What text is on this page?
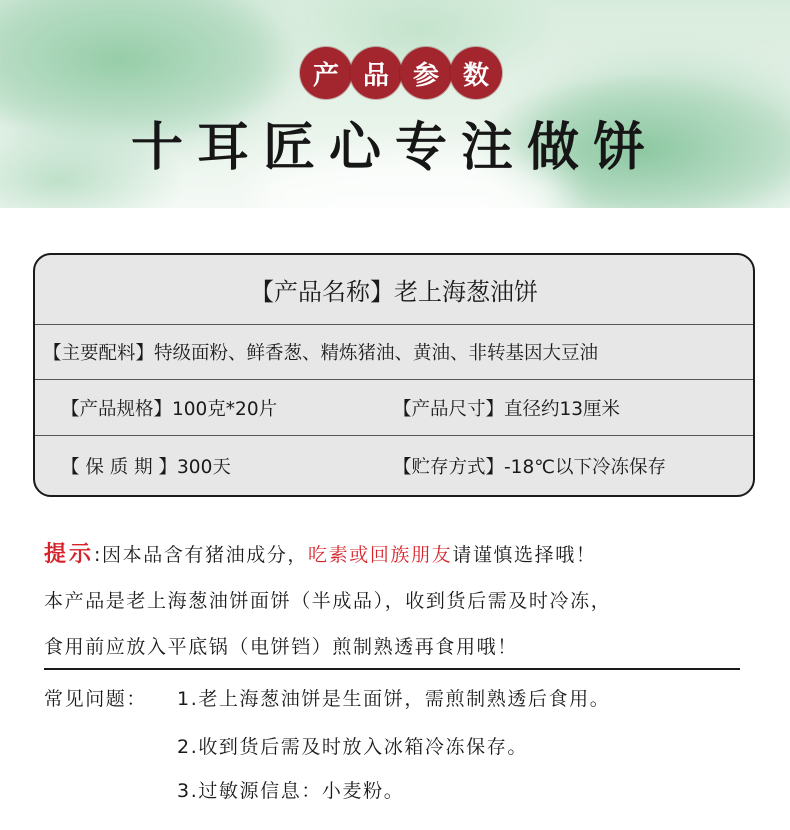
产 品 参 数
十耳匠心专注做饼
【产品名称】老上海葱油饼
【主要配料】特级面粉、鲜香葱、精炼猪油、黄油、非转基因大豆油
【产品规格】100克*20片	【产品尺寸】直径约13厘米
【 保 质 期 】300天	【贮存方式】-18℃以下冷冻保存
提示:因本品含有猪油成分，吃素或回族朋友请谨慎选择哦！
本产品是老上海葱油饼面饼（半成品），收到货后需及时冷冻，
食用前应放入平底锅（电饼铛）煎制熟透再食用哦！
常见问题： 1.老上海葱油饼是生面饼，需煎制熟透后食用。
2.收到货后需及时放入冰箱冷冻保存。
3.过敏源信息：小麦粉。
